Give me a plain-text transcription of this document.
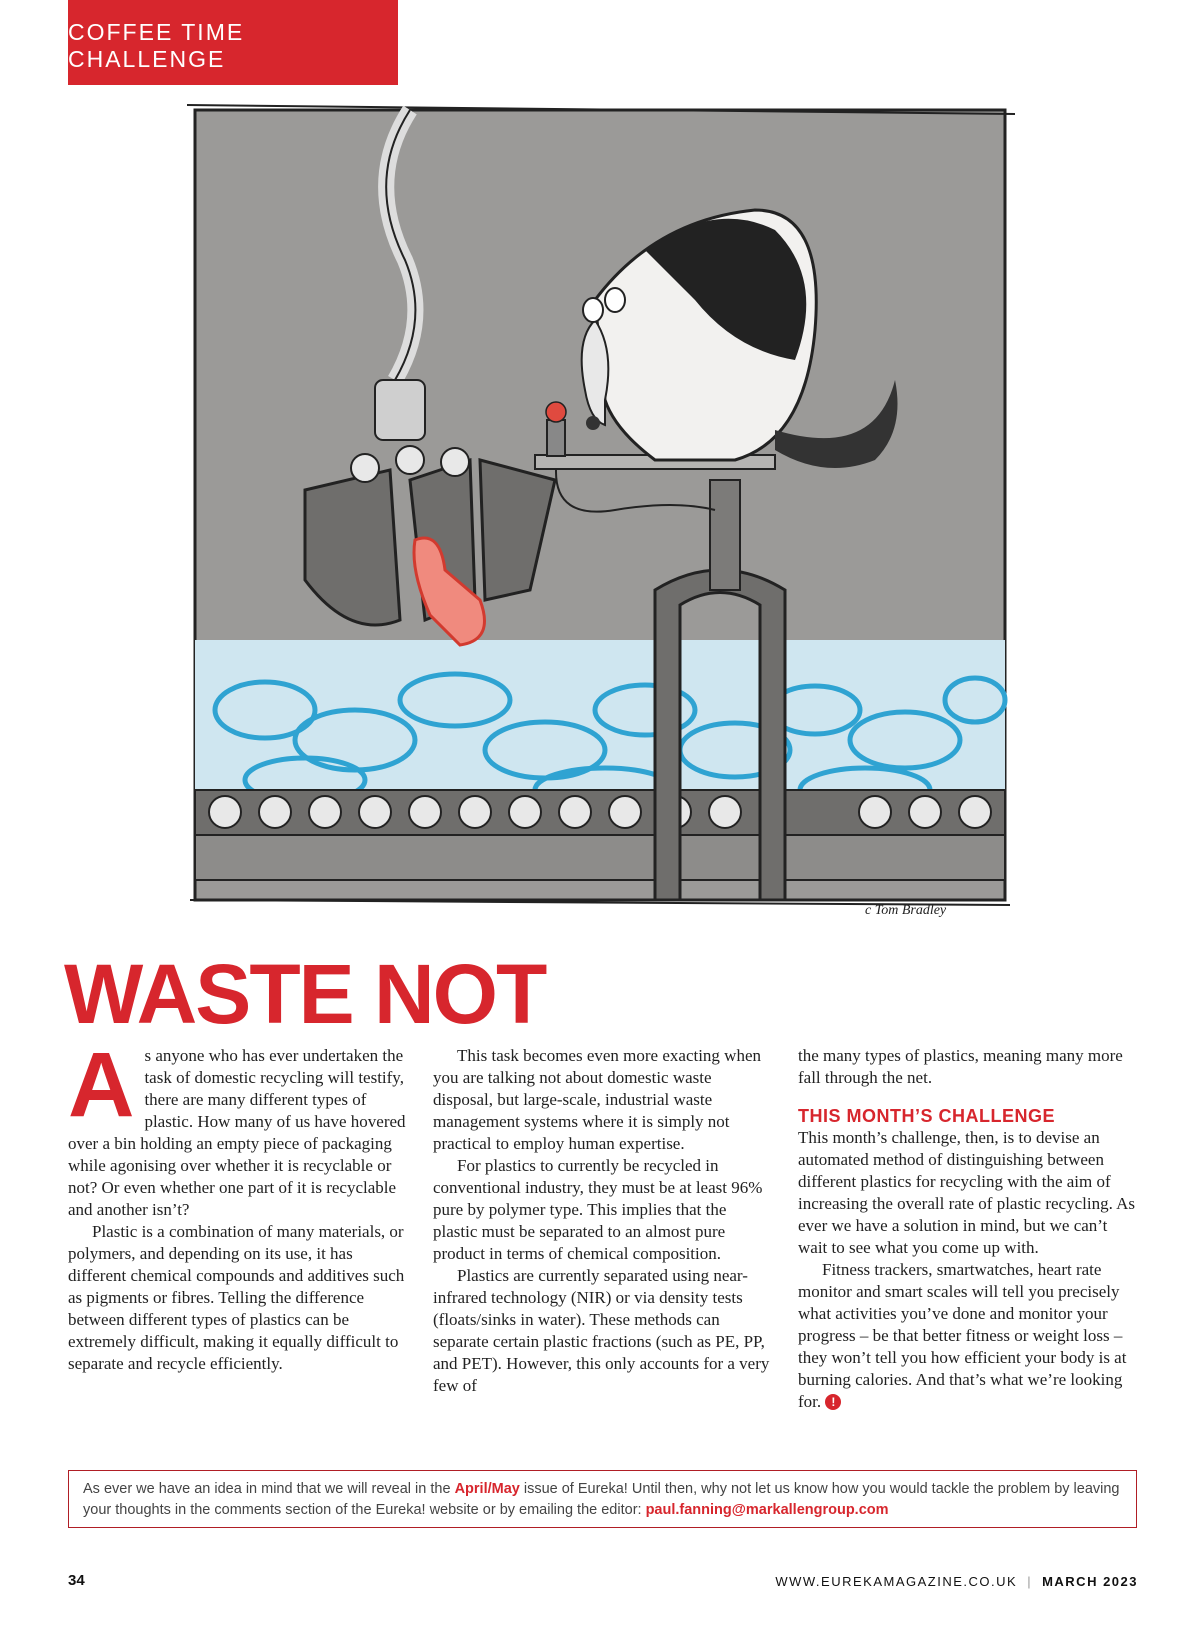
COFFEE TIME CHALLENGE
c Tom Bradley
WASTE NOT

As anyone who has ever undertaken the task of domestic recycling will testify, there are many different types of plastic. How many of us have hovered over a bin holding an empty piece of packaging while agonising over whether it is recyclable or not? Or even whether one part of it is recyclable and another isn’t?

Plastic is a combination of many materials, or polymers, and depending on its use, it has different chemical compounds and additives such as pigments or fibres. Telling the difference between different types of plastics can be extremely difficult, making it equally difficult to separate and recycle efficiently.

This task becomes even more exacting when you are talking not about domestic waste disposal, but large-scale, industrial waste management systems where it is simply not practical to employ human expertise.

For plastics to currently be recycled in conventional industry, they must be at least 96% pure by polymer type. This implies that the plastic must be separated to an almost pure product in terms of chemical composition.

Plastics are currently separated using near-infrared technology (NIR) or via density tests (floats/sinks in water). These methods can separate certain plastic fractions (such as PE, PP, and PET). However, this only accounts for a very few of

the many types of plastics, meaning many more fall through the net.

THIS MONTH’S CHALLENGE

This month’s challenge, then, is to devise an automated method of distinguishing between different plastics for recycling with the aim of increasing the overall rate of plastic recycling. As ever we have a solution in mind, but we can’t wait to see what you come up with.

Fitness trackers, smartwatches, heart rate monitor and smart scales will tell you precisely what activities you’ve done and monitor your progress – be that better fitness or weight loss – they won’t tell you how efficient your body is at burning calories. And that’s what we’re looking for. !

As ever we have an idea in mind that we will reveal in the April/May issue of Eureka! Until then, why not let us know how you would tackle the problem by leaving your thoughts in the comments section of the Eureka! website or by emailing the editor: paul.fanning@markallengroup.com
34	WWW.EUREKAMAGAZINE.CO.UK | MARCH 2023
